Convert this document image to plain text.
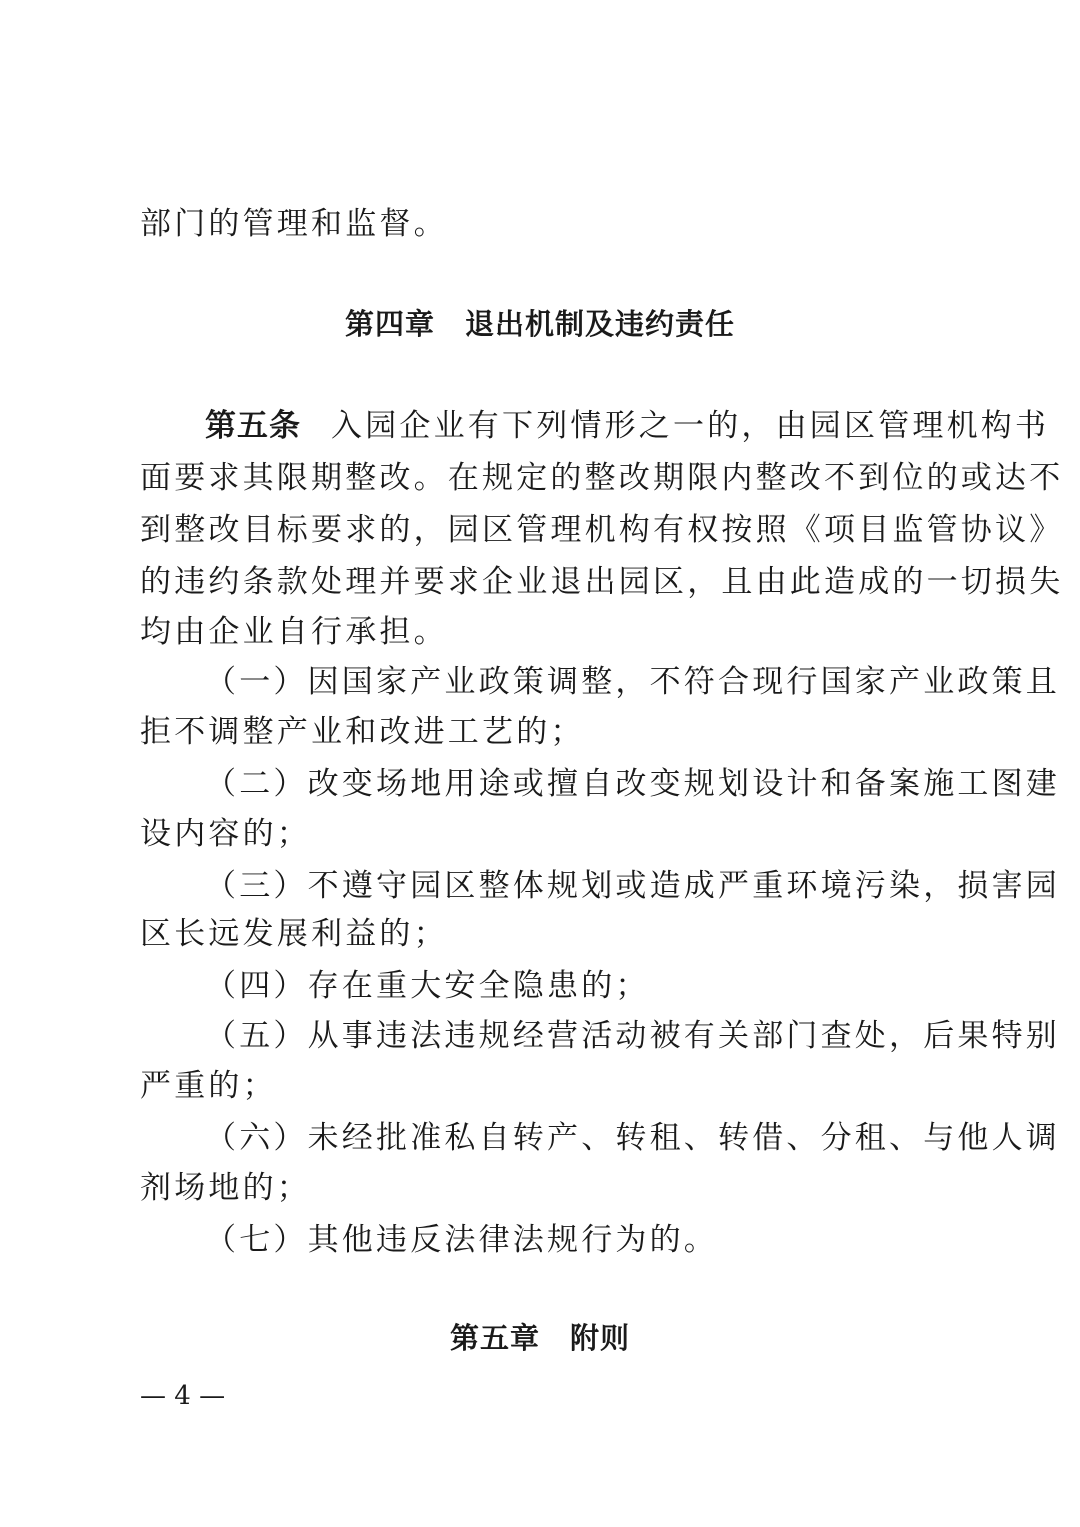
部门的管理和监督。
第四章　退出机制及违约责任
第五条 入园企业有下列情形之一的，由园区管理机构书
面要求其限期整改。在规定的整改期限内整改不到位的或达不
到整改目标要求的，园区管理机构有权按照《项目监管协议》
的违约条款处理并要求企业退出园区，且由此造成的一切损失
均由企业自行承担。
（一）因国家产业政策调整，不符合现行国家产业政策且
拒不调整产业和改进工艺的；
（二）改变场地用途或擅自改变规划设计和备案施工图建
设内容的；
（三）不遵守园区整体规划或造成严重环境污染，损害园
区长远发展利益的；
（四）存在重大安全隐患的；
（五）从事违法违规经营活动被有关部门查处，后果特别
严重的；
（六）未经批准私自转产、转租、转借、分租、与他人调
剂场地的；
（七）其他违反法律法规行为的。
第五章　附则
— 4 —
